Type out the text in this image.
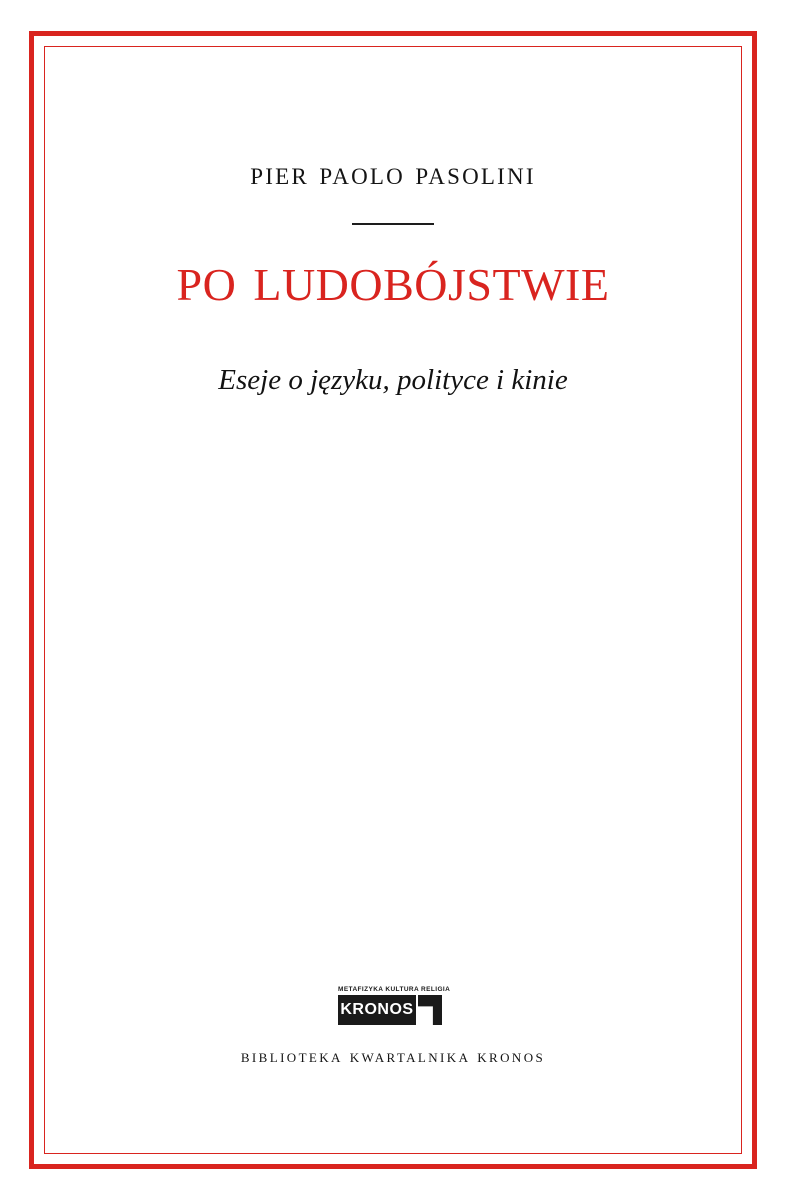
pier paolo pasolini
po ludobójstwie
Eseje o języku, polityce i kinie
METAFIZYKA KULTURA RELIGIA
KRONOS
biblioteka kwartalnika kronos
